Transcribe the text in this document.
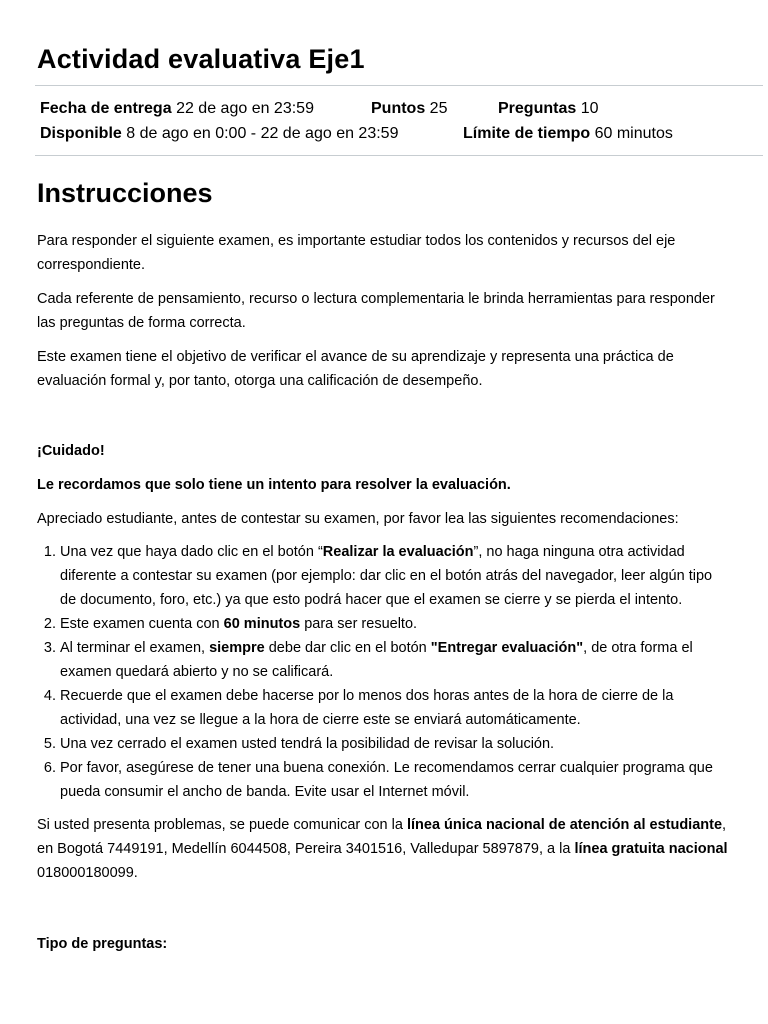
Actividad evaluativa Eje1
Fecha de entrega 22 de ago en 23:59	Puntos 25	Preguntas 10
Disponible 8 de ago en 0:00 - 22 de ago en 23:59	Límite de tiempo 60 minutos
Instrucciones

Para responder el siguiente examen, es importante estudiar todos los contenidos y recursos del eje correspondiente.

Cada referente de pensamiento, recurso o lectura complementaria le brinda herramientas para responder las preguntas de forma correcta.

Este examen tiene el objetivo de verificar el avance de su aprendizaje y representa una práctica de evaluación formal y, por tanto, otorga una calificación de desempeño.

¡Cuidado!

Le recordamos que solo tiene un intento para resolver la evaluación.

Apreciado estudiante, antes de contestar su examen, por favor lea las siguientes recomendaciones:

1. Una vez que haya dado clic en el botón “Realizar la evaluación”, no haga ninguna otra actividad diferente a contestar su examen (por ejemplo: dar clic en el botón atrás del navegador, leer algún tipo de documento, foro, etc.) ya que esto podrá hacer que el examen se cierre y se pierda el intento.
2. Este examen cuenta con 60 minutos para ser resuelto.
3. Al terminar el examen, siempre debe dar clic en el botón "Entregar evaluación", de otra forma el examen quedará abierto y no se calificará.
4. Recuerde que el examen debe hacerse por lo menos dos horas antes de la hora de cierre de la actividad, una vez se llegue a la hora de cierre este se enviará automáticamente.
5. Una vez cerrado el examen usted tendrá la posibilidad de revisar la solución.
6. Por favor, asegúrese de tener una buena conexión. Le recomendamos cerrar cualquier programa que pueda consumir el ancho de banda. Evite usar el Internet móvil.

Si usted presenta problemas, se puede comunicar con la línea única nacional de atención al estudiante, en Bogotá 7449191, Medellín 6044508, Pereira 3401516, Valledupar 5897879, a la línea gratuita nacional 018000180099.

Tipo de preguntas:
